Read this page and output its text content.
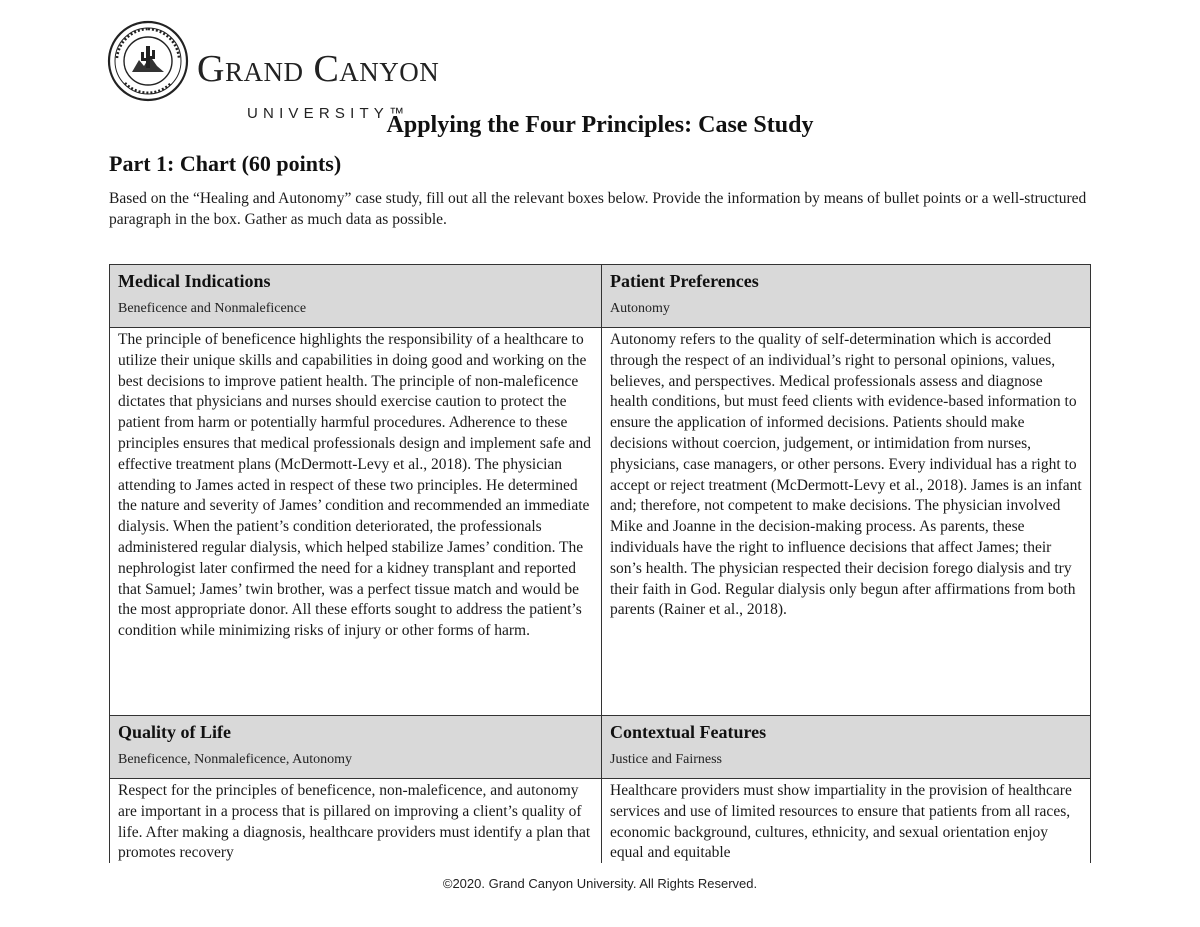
Grand Canyon
UNIVERSITY™
Applying the Four Principles: Case Study
Part 1: Chart (60 points)
Based on the “Healing and Autonomy” case study, fill out all the relevant boxes below. Provide the information by means of bullet points or a well-structured paragraph in the box. Gather as much data as possible.
Medical Indications
Beneficence and Nonmaleficence
Patient Preferences
Autonomy

The principle of beneficence highlights the responsibility of a healthcare to utilize their unique skills and capabilities in doing good and working on the best decisions to improve patient health. The principle of non-maleficence dictates that physicians and nurses should exercise caution to protect the patient from harm or potentially harmful procedures. Adherence to these principles ensures that medical professionals design and implement safe and effective treatment plans (McDermott-Levy et al., 2018). The physician attending to James acted in respect of these two principles. He determined the nature and severity of James’ condition and recommended an immediate dialysis. When the patient’s condition deteriorated, the professionals administered regular dialysis, which helped stabilize James’ condition. The nephrologist later confirmed the need for a kidney transplant and reported that Samuel; James’ twin brother, was a perfect tissue match and would be the most appropriate donor. All these efforts sought to address the patient’s condition while minimizing risks of injury or other forms of harm.

Autonomy refers to the quality of self-determination which is accorded through the respect of an individual’s right to personal opinions, values, believes, and perspectives. Medical professionals assess and diagnose health conditions, but must feed clients with evidence-based information to ensure the application of informed decisions. Patients should make decisions without coercion, judgement, or intimidation from nurses, physicians, case managers, or other persons. Every individual has a right to accept or reject treatment (McDermott-Levy et al., 2018). James is an infant and; therefore, not competent to make decisions. The physician involved Mike and Joanne in the decision-making process. As parents, these individuals have the right to influence decisions that affect James; their son’s health. The physician respected their decision forego dialysis and try their faith in God. Regular dialysis only begun after affirmations from both parents (Rainer et al., 2018).

Quality of Life
Beneficence, Nonmaleficence, Autonomy
Contextual Features
Justice and Fairness

Respect for the principles of beneficence, non-maleficence, and autonomy are important in a process that is pillared on improving a client’s quality of life. After making a diagnosis, healthcare providers must identify a plan that promotes recovery

Healthcare providers must show impartiality in the provision of healthcare services and use of limited resources to ensure that patients from all races, economic background, cultures, ethnicity, and sexual orientation enjoy equal and equitable

©2020. Grand Canyon University. All Rights Reserved.
